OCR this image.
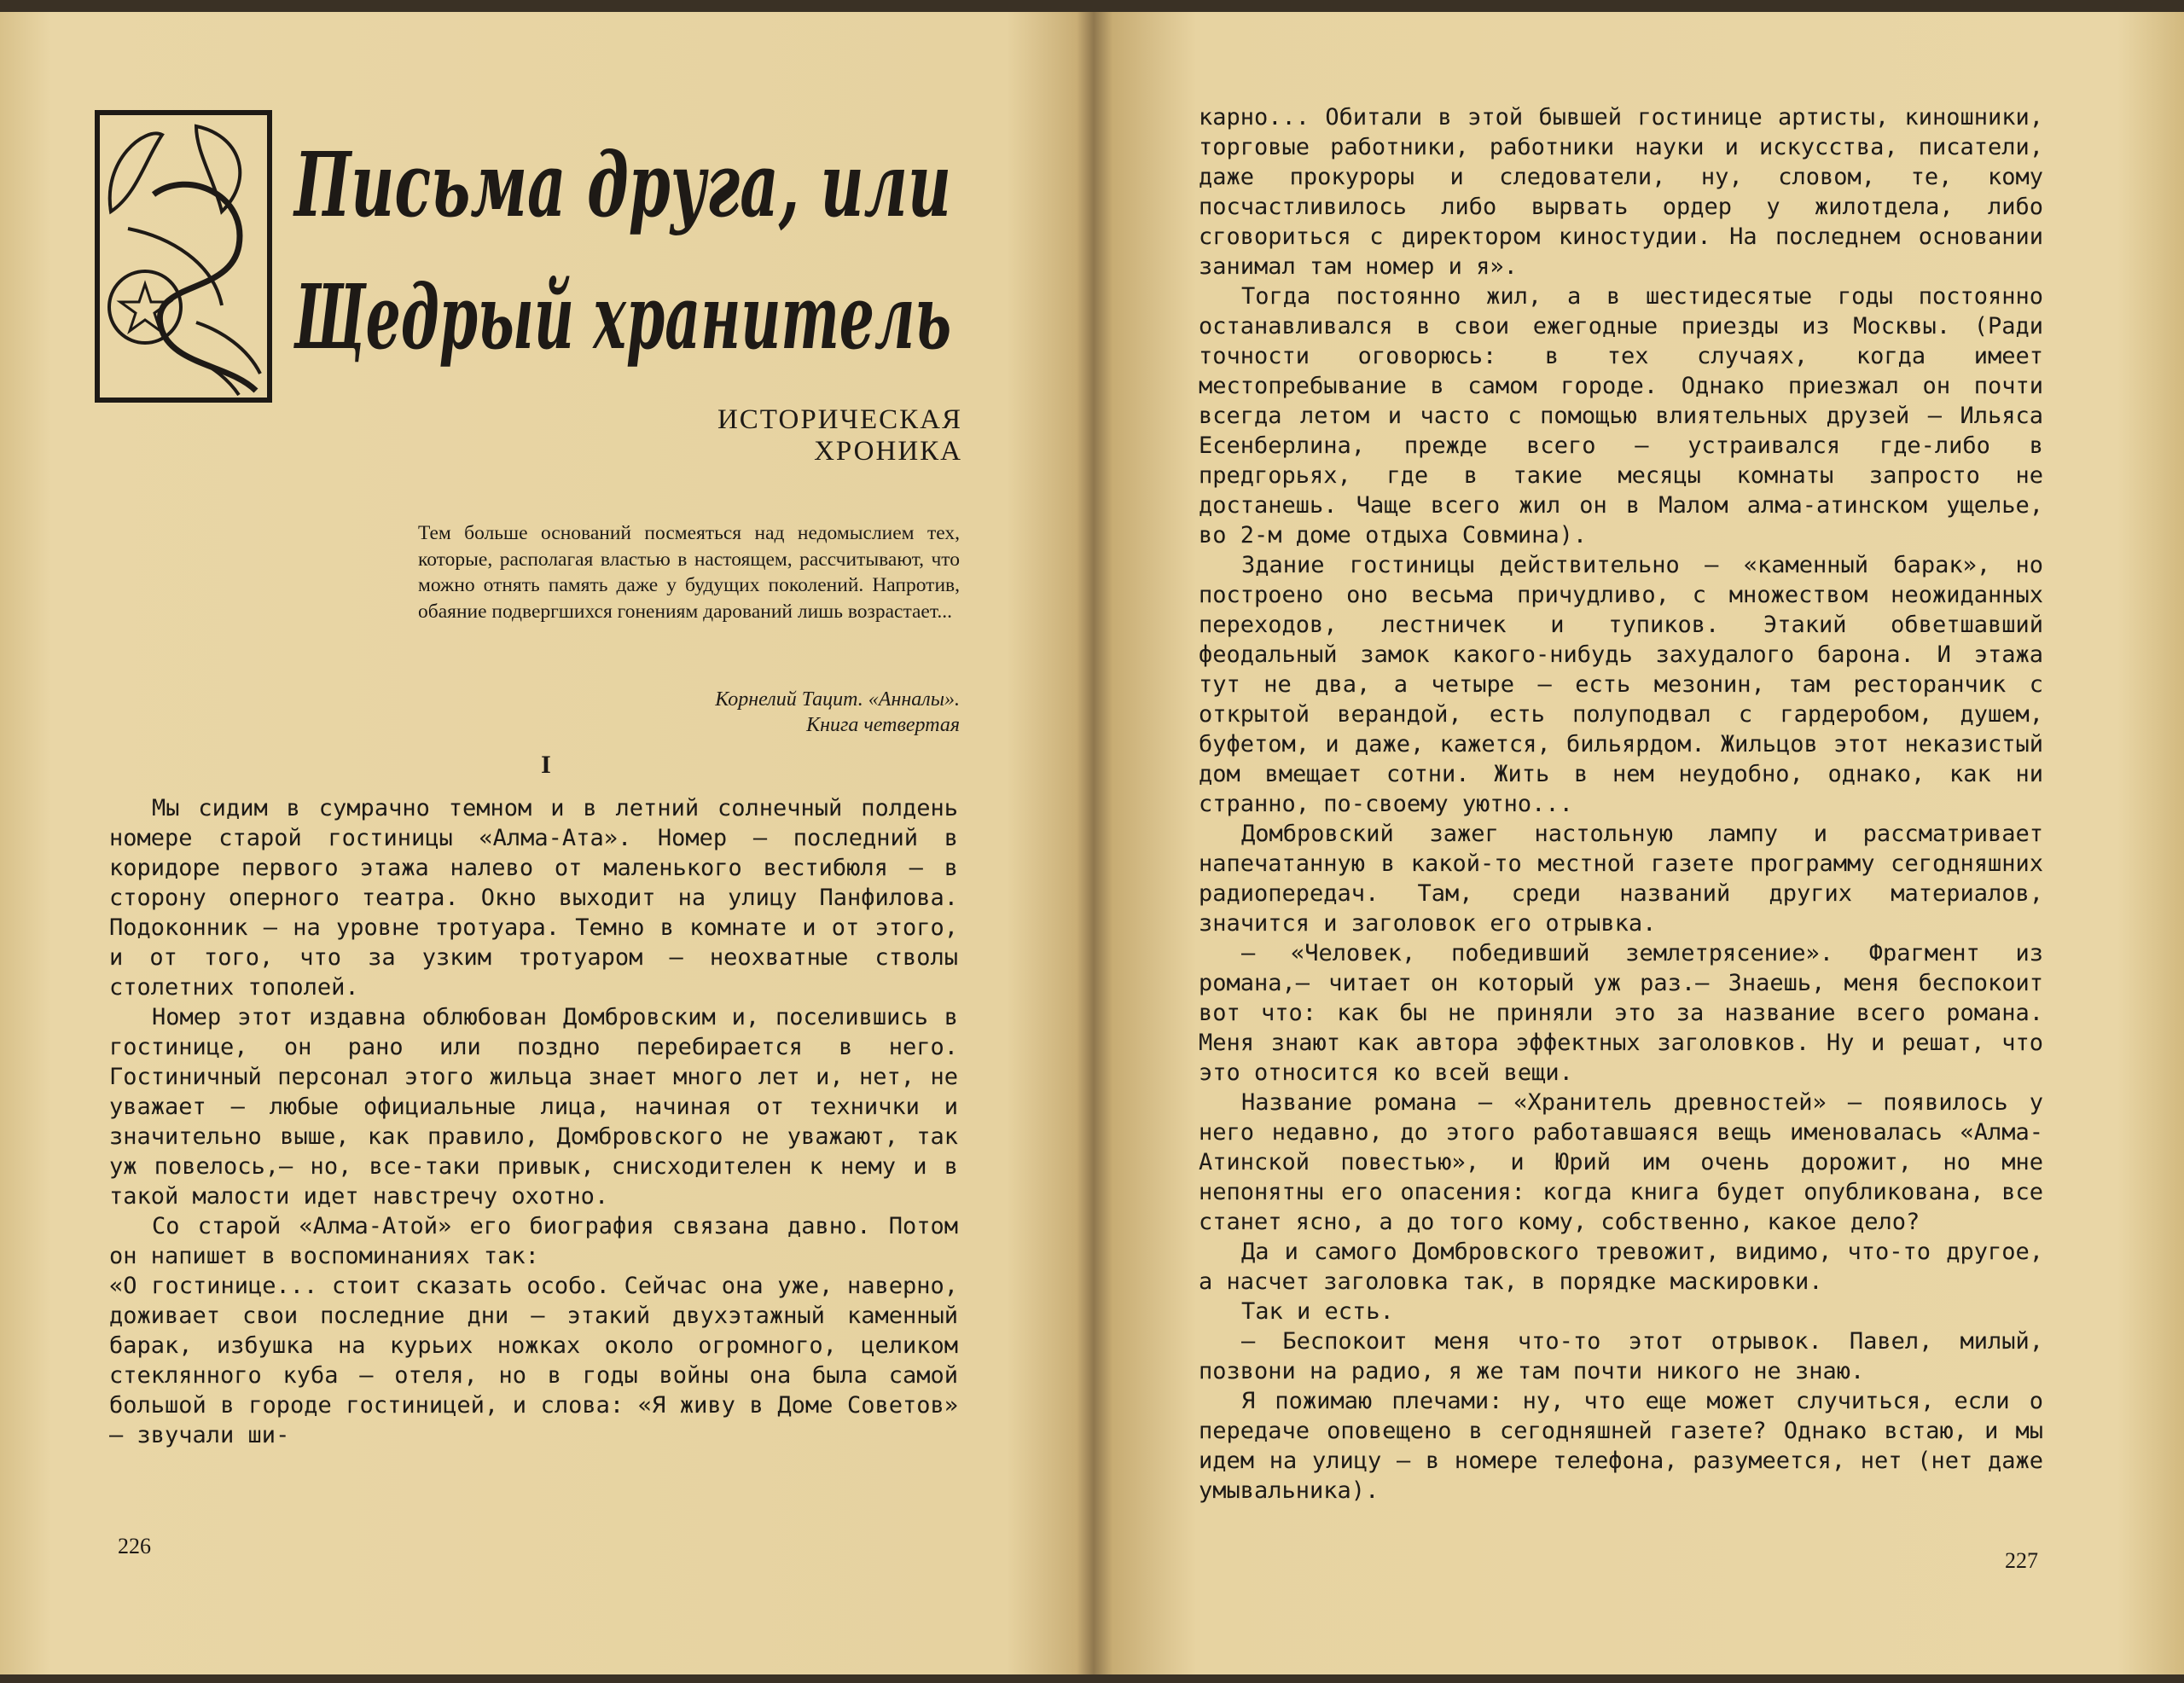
Письма друга, или
Щедрый хранитель
ИСТОРИЧЕСКАЯ ХРОНИКА
Тем больше оснований посмеяться над недомыслием тех, которые, располагая властью в настоящем, рассчитывают, что можно отнять память даже у будущих поколений. Напротив, обаяние подвергшихся гонениям дарований лишь возрастает...
Корнелий Тацит. «Анналы».
Книга четвертая
I

Мы сидим в сумрачно темном и в летний солнечный полдень номере старой гостиницы «Алма-Ата». Номер — последний в коридоре первого этажа налево от маленького вестибюля — в сторону оперного театра. Окно выходит на улицу Панфилова. Подоконник — на уровне тротуара. Темно в комнате и от этого, и от того, что за узким тротуаром — неохватные стволы столетних тополей.

Номер этот издавна облюбован Домбровским и, поселившись в гостинице, он рано или поздно перебирается в него. Гостиничный персонал этого жильца знает много лет и, нет, не уважает — любые официальные лица, начиная от технички и значительно выше, как правило, Домбровского не уважают, так уж повелось,— но, все-таки привык, снисходителен к нему и в такой малости идет навстречу охотно.

Со старой «Алма-Атой» его биография связана давно. Потом он напишет в воспоминаниях так:

«О гостинице... стоит сказать особо. Сейчас она уже, наверно, доживает свои последние дни — этакий двухэтажный каменный барак, избушка на курьих ножках около огромного, целиком стеклянного куба — отеля, но в годы войны она была самой большой в городе гостиницей, и слова: «Я живу в Доме Советов» — звучали ши-

226

карно... Обитали в этой бывшей гостинице артисты, киношники, торговые работники, работники науки и искусства, писатели, даже прокуроры и следователи, ну, словом, те, кому посчастливилось либо вырвать ордер у жилотдела, либо сговориться с директором киностудии. На последнем основании занимал там номер и я».

Тогда постоянно жил, а в шестидесятые годы постоянно останавливался в свои ежегодные приезды из Москвы. (Ради точности оговорюсь: в тех случаях, когда имеет местопребывание в самом городе. Однако приезжал он почти всегда летом и часто с помощью влиятельных друзей — Ильяса Есенберлина, прежде всего — устраивался где-либо в предгорьях, где в такие месяцы комнаты запросто не достанешь. Чаще всего жил он в Малом алма-атинском ущелье, во 2-м доме отдыха Совмина).

Здание гостиницы действительно — «каменный барак», но построено оно весьма причудливо, с множеством неожиданных переходов, лестничек и тупиков. Этакий обветшавший феодальный замок какого-нибудь захудалого барона. И этажа тут не два, а четыре — есть мезонин, там ресторанчик с открытой верандой, есть полуподвал с гардеробом, душем, буфетом, и даже, кажется, бильярдом. Жильцов этот неказистый дом вмещает сотни. Жить в нем неудобно, однако, как ни странно, по-своему уютно...

Домбровский зажег настольную лампу и рассматривает напечатанную в какой-то местной газете программу сегодняшних радиопередач. Там, среди названий других материалов, значится и заголовок его отрывка.

— «Человек, победивший землетрясение». Фрагмент из романа,— читает он который уж раз.— Знаешь, меня беспокоит вот что: как бы не приняли это за название всего романа. Меня знают как автора эффектных заголовков. Ну и решат, что это относится ко всей вещи.

Название романа — «Хранитель древностей» — появилось у него недавно, до этого работавшаяся вещь именовалась «Алма-Атинской повестью», и Юрий им очень дорожит, но мне непонятны его опасения: когда книга будет опубликована, все станет ясно, а до того кому, собственно, какое дело?

Да и самого Домбровского тревожит, видимо, что-то другое, а насчет заголовка так, в порядке маскировки.

Так и есть.

— Беспокоит меня что-то этот отрывок. Павел, милый, позвони на радио, я же там почти никого не знаю.

Я пожимаю плечами: ну, что еще может случиться, если о передаче оповещено в сегодняшней газете? Однако встаю, и мы идем на улицу — в номере телефона, разумеется, нет (нет даже умывальника).

227
